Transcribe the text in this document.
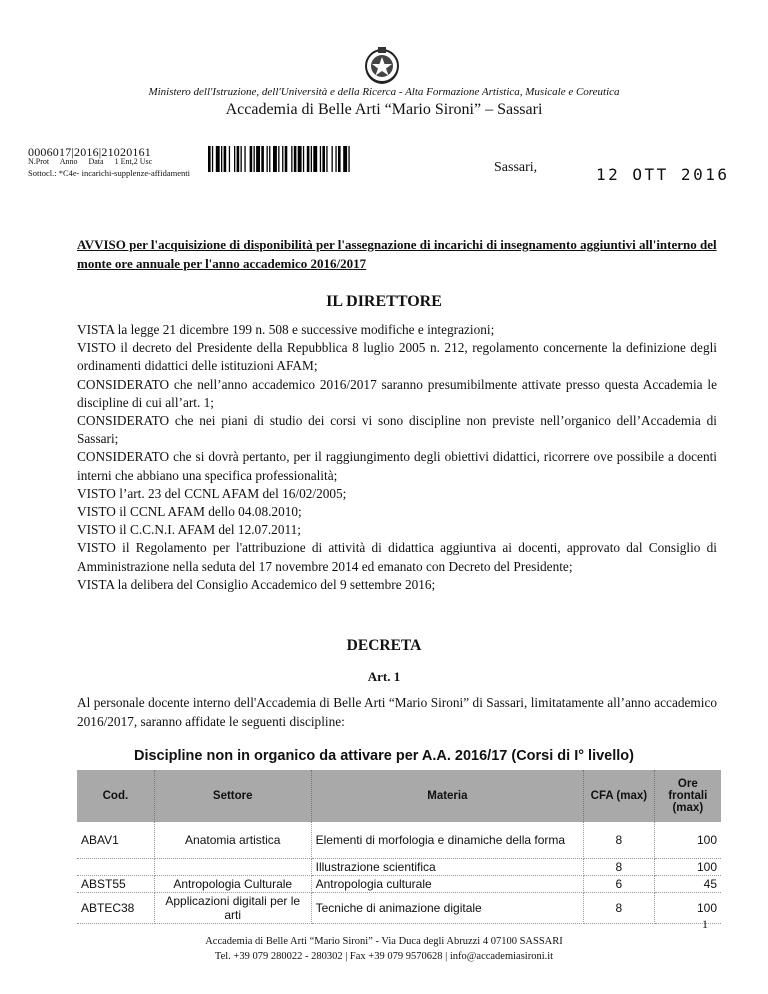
Ministero dell'Istruzione, dell'Università e della Ricerca - Alta Formazione Artistica, Musicale e Coreutica
Accademia di Belle Arti “Mario Sironi” – Sassari
0006017|2016|21020161
N.Prot Anno Data 1 Ent,2 Usc
Sottocl.: *C4e- incarichi-supplenze-affidamenti	Sassari,	12 OTT 2016
AVVISO per l'acquisizione di disponibilità per l'assegnazione di incarichi di insegnamento aggiuntivi all'interno del monte ore annuale per l'anno accademico 2016/2017
IL DIRETTORE

VISTA la legge 21 dicembre 199 n. 508 e successive modifiche e integrazioni;

VISTO il decreto del Presidente della Repubblica 8 luglio 2005 n. 212, regolamento concernente la definizione degli ordinamenti didattici delle istituzioni AFAM;

CONSIDERATO che nell’anno accademico 2016/2017 saranno presumibilmente attivate presso questa Accademia le discipline di cui all’art. 1;

CONSIDERATO che nei piani di studio dei corsi vi sono discipline non previste nell’organico dell’Accademia di Sassari;

CONSIDERATO che si dovrà pertanto, per il raggiungimento degli obiettivi didattici, ricorrere ove possibile a docenti interni che abbiano una specifica professionalità;

VISTO l’art. 23 del CCNL AFAM del 16/02/2005;

VISTO il CCNL AFAM dello 04.08.2010;

VISTO il C.C.N.I. AFAM del 12.07.2011;

VISTO il Regolamento per l'attribuzione di attività di didattica aggiuntiva ai docenti, approvato dal Consiglio di Amministrazione nella seduta del 17 novembre 2014 ed emanato con Decreto del Presidente;

VISTA la delibera del Consiglio Accademico del 9 settembre 2016;

DECRETA
Art. 1
Al personale docente interno dell'Accademia di Belle Arti “Mario Sironi” di Sassari, limitatamente all’anno accademico 2016/2017, saranno affidate le seguenti discipline:
Discipline non in organico da attivare per A.A. 2016/17 (Corsi di I° livello)
Cod.	Settore	Materia	CFA (max)	Ore frontali (max)
ABAV1	Anatomia artistica	Elementi di morfologia e dinamiche della forma	8	100
		Illustrazione scientifica	8	100
ABST55	Antropologia Culturale	Antropologia culturale	6	45
ABTEC38	Applicazioni digitali per le arti	Tecniche di animazione digitale	8	100
1
Accademia di Belle Arti “Mario Sironi” - Via Duca degli Abruzzi 4 07100 SASSARI
Tel. +39 079 280022 - 280302 | Fax +39 079 9570628 | info@accademiasironi.it
